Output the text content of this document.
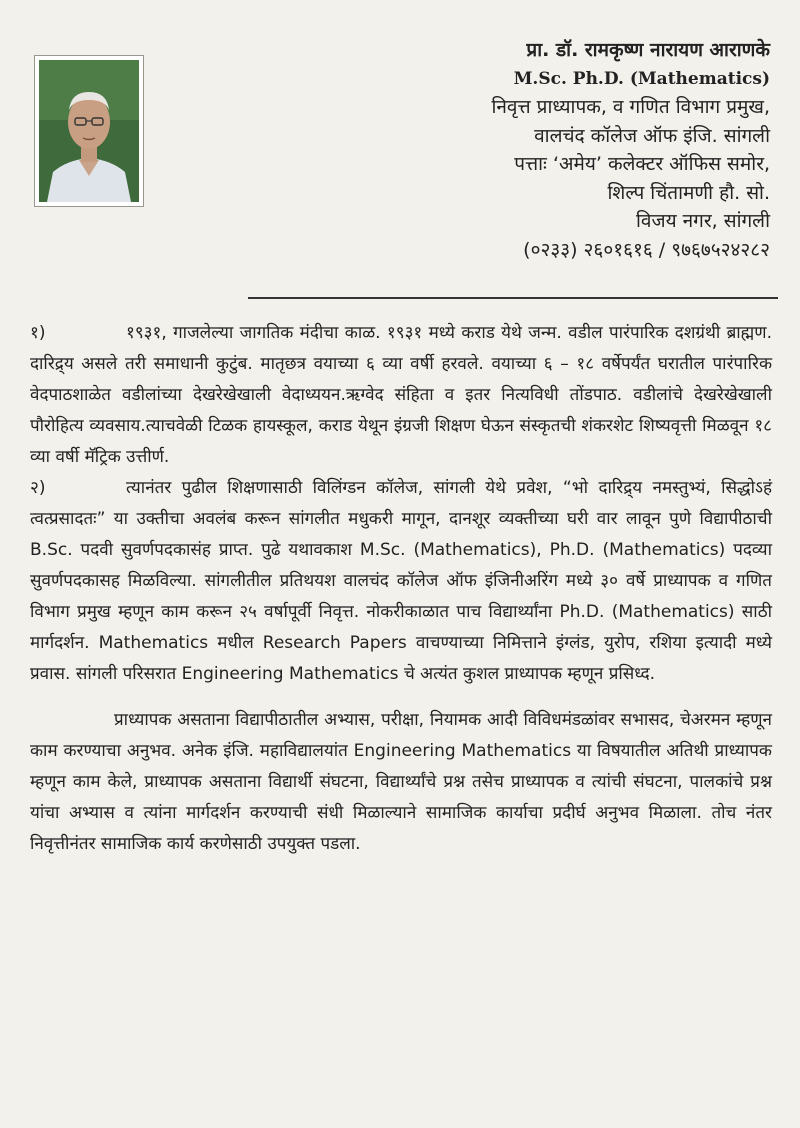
प्रा. डॉ. रामकृष्ण नारायण आराणके
M.Sc. Ph.D. (Mathematics)
निवृत्त प्राध्यापक, व गणित विभाग प्रमुख,
वालचंद कॉलेज ऑफ इंजि. सांगली
पत्ताः ‘अमेय’ कलेक्टर ऑफिस समोर,
शिल्प चिंतामणी हौ. सो.
विजय नगर, सांगली
(०२३३) २६०१६१६ / ९७६७५२४२८२
१)	१९३१, गाजलेल्या जागतिक मंदीचा काळ. १९३१ मध्ये कराड येथे जन्म. वडील पारंपारिक दशग्रंथी ब्राह्मण. दारिद्र्य असले तरी समाधानी कुटुंब. मातृछत्र वयाच्या ६ व्या वर्षी हरवले. वयाच्या ६ – १८ वर्षेपर्यंत घरातील पारंपारिक वेदपाठशाळेत वडीलांच्या देखरेखेखाली वेदाध्ययन.ऋग्वेद संहिता व इतर नित्यविधी तोंडपाठ. वडीलांचे देखरेखेखाली पौरोहित्य व्यवसाय.त्याचवेळी टिळक हायस्कूल, कराड येथून इंग्रजी शिक्षण घेऊन संस्कृतची शंकरशेट शिष्यवृत्ती मिळवून १८ व्या वर्षी मॅट्रिक उत्तीर्ण.
२)	त्यानंतर पुढील शिक्षणासाठी विलिंग्डन कॉलेज, सांगली येथे प्रवेश, “भो दारिद्र्य नमस्तुभ्यं, सिद्धोऽहं त्वत्प्रसादतः” या उक्तीचा अवलंब करून सांगलीत मधुकरी मागून, दानशूर व्यक्तीच्या घरी वार लावून पुणे विद्यापीठाची B.Sc. पदवी सुवर्णपदकासंह प्राप्त. पुढे यथावकाश M.Sc. (Mathematics), Ph.D. (Mathematics) पदव्या सुवर्णपदकासह मिळविल्या. सांगलीतील प्रतिथयश वालचंद कॉलेज ऑफ इंजिनीअरिंग मध्ये ३० वर्षे प्राध्यापक व गणित विभाग प्रमुख म्हणून काम करून २५ वर्षापूर्वी निवृत्त. नोकरीकाळात पाच विद्यार्थ्यांना Ph.D. (Mathematics) साठी मार्गदर्शन. Mathematics मधील Research Papers वाचण्याच्या निमित्ताने इंग्लंड, युरोप, रशिया इत्यादी मध्ये प्रवास. सांगली परिसरात Engineering Mathematics चे अत्यंत कुशल प्राध्यापक म्हणून प्रसिध्द.
प्राध्यापक असताना विद्यापीठातील अभ्यास, परीक्षा, नियामक आदी विविधमंडळांवर सभासद, चेअरमन म्हणून काम करण्याचा अनुभव. अनेक इंजि. महाविद्यालयांत Engineering Mathematics या विषयातील अतिथी प्राध्यापक म्हणून काम केले, प्राध्यापक असताना विद्यार्थी संघटना, विद्यार्थ्यांचे प्रश्न तसेच प्राध्यापक व त्यांची संघटना, पालकांचे प्रश्न यांचा अभ्यास व त्यांना मार्गदर्शन करण्याची संधी मिळाल्याने सामाजिक कार्याचा प्रदीर्घ अनुभव मिळाला. तोच नंतर निवृत्तीनंतर सामाजिक कार्य करणेसाठी उपयुक्त पडला.
